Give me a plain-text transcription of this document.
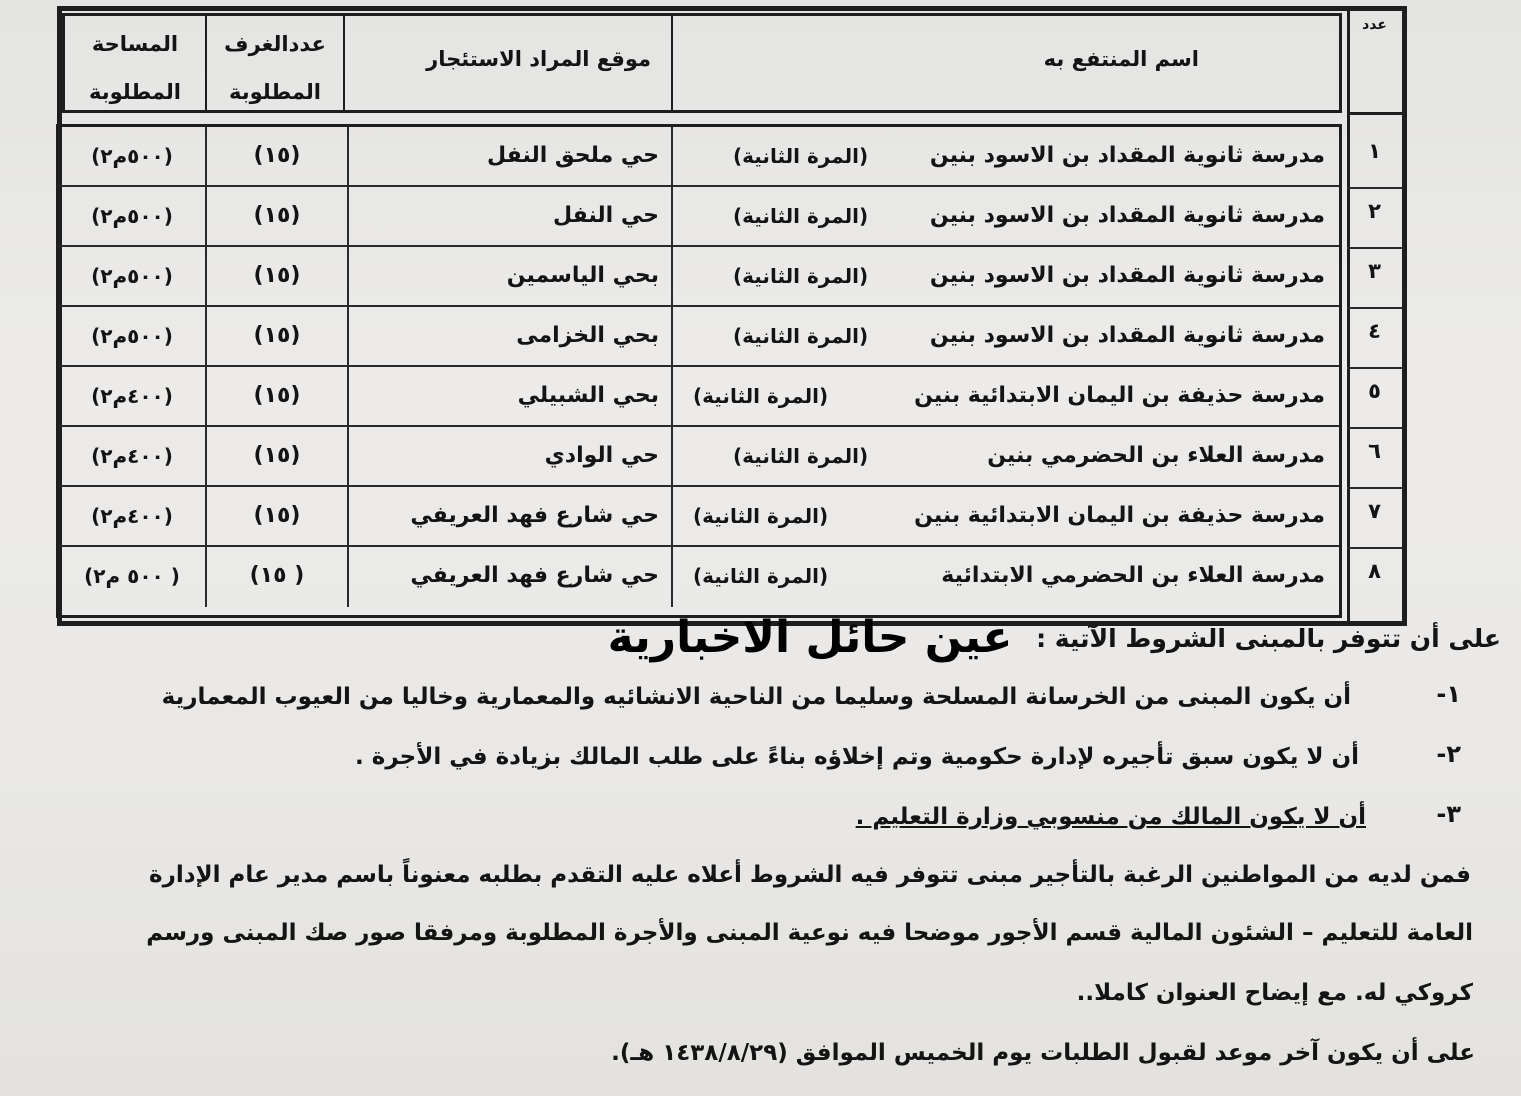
عدد
١
٢
٣
٤
٥
٦
٧
٨
اسم المنتفع به
موقع المراد الاستئجار
عددالغرف المطلوبة
المساحة المطلوبة
مدرسة ثانوية المقداد بن الاسود بنين
(المرة الثانية)
حي ملحق النفل
(١٥)
(٥٠٠م٢)
مدرسة ثانوية المقداد بن الاسود بنين
(المرة الثانية)
حي النفل
(١٥)
(٥٠٠م٢)
مدرسة ثانوية المقداد بن الاسود بنين
(المرة الثانية)
بحي الياسمين
(١٥)
(٥٠٠م٢)
مدرسة ثانوية المقداد بن الاسود بنين
(المرة الثانية)
بحي الخزامى
(١٥)
(٥٠٠م٢)
مدرسة حذيفة بن اليمان الابتدائية بنين
(المرة الثانية)
بحي الشبيلي
(١٥)
(٤٠٠م٢)
مدرسة العلاء بن الحضرمي بنين
(المرة الثانية)
حي الوادي
(١٥)
(٤٠٠م٢)
مدرسة حذيفة بن اليمان الابتدائية بنين
(المرة الثانية)
حي شارع فهد العريفي
(١٥)
(٤٠٠م٢)
مدرسة العلاء بن الحضرمي الابتدائية
(المرة الثانية)
حي شارع فهد العريفي
( ١٥)
( ٥٠٠ م٢)
عين حائل الاخبارية على أن تتوفر بالمبنى الشروط الآتية :
١-
أن يكون المبنى من الخرسانة المسلحة وسليما من الناحية الانشائيه والمعمارية وخاليا من العيوب المعمارية
٢-
أن لا يكون سبق تأجيره لإدارة حكومية وتم إخلاؤه بناءً على طلب المالك بزيادة في الأجرة .
٣-
أن لا يكون المالك من منسوبي وزارة التعليم .
فمن لديه من المواطنين الرغبة بالتأجير مبنى تتوفر فيه الشروط أعلاه عليه التقدم بطلبه معنوناً باسم مدير عام الإدارة
العامة للتعليم – الشئون المالية قسم الأجور موضحا فيه نوعية المبنى والأجرة المطلوبة ومرفقا صور صك المبنى ورسم
كروكي له. مع إيضاح العنوان كاملا..
على أن يكون آخر موعد لقبول الطلبات يوم الخميس الموافق (١٤٣٨/٨/٢٩ هـ).
